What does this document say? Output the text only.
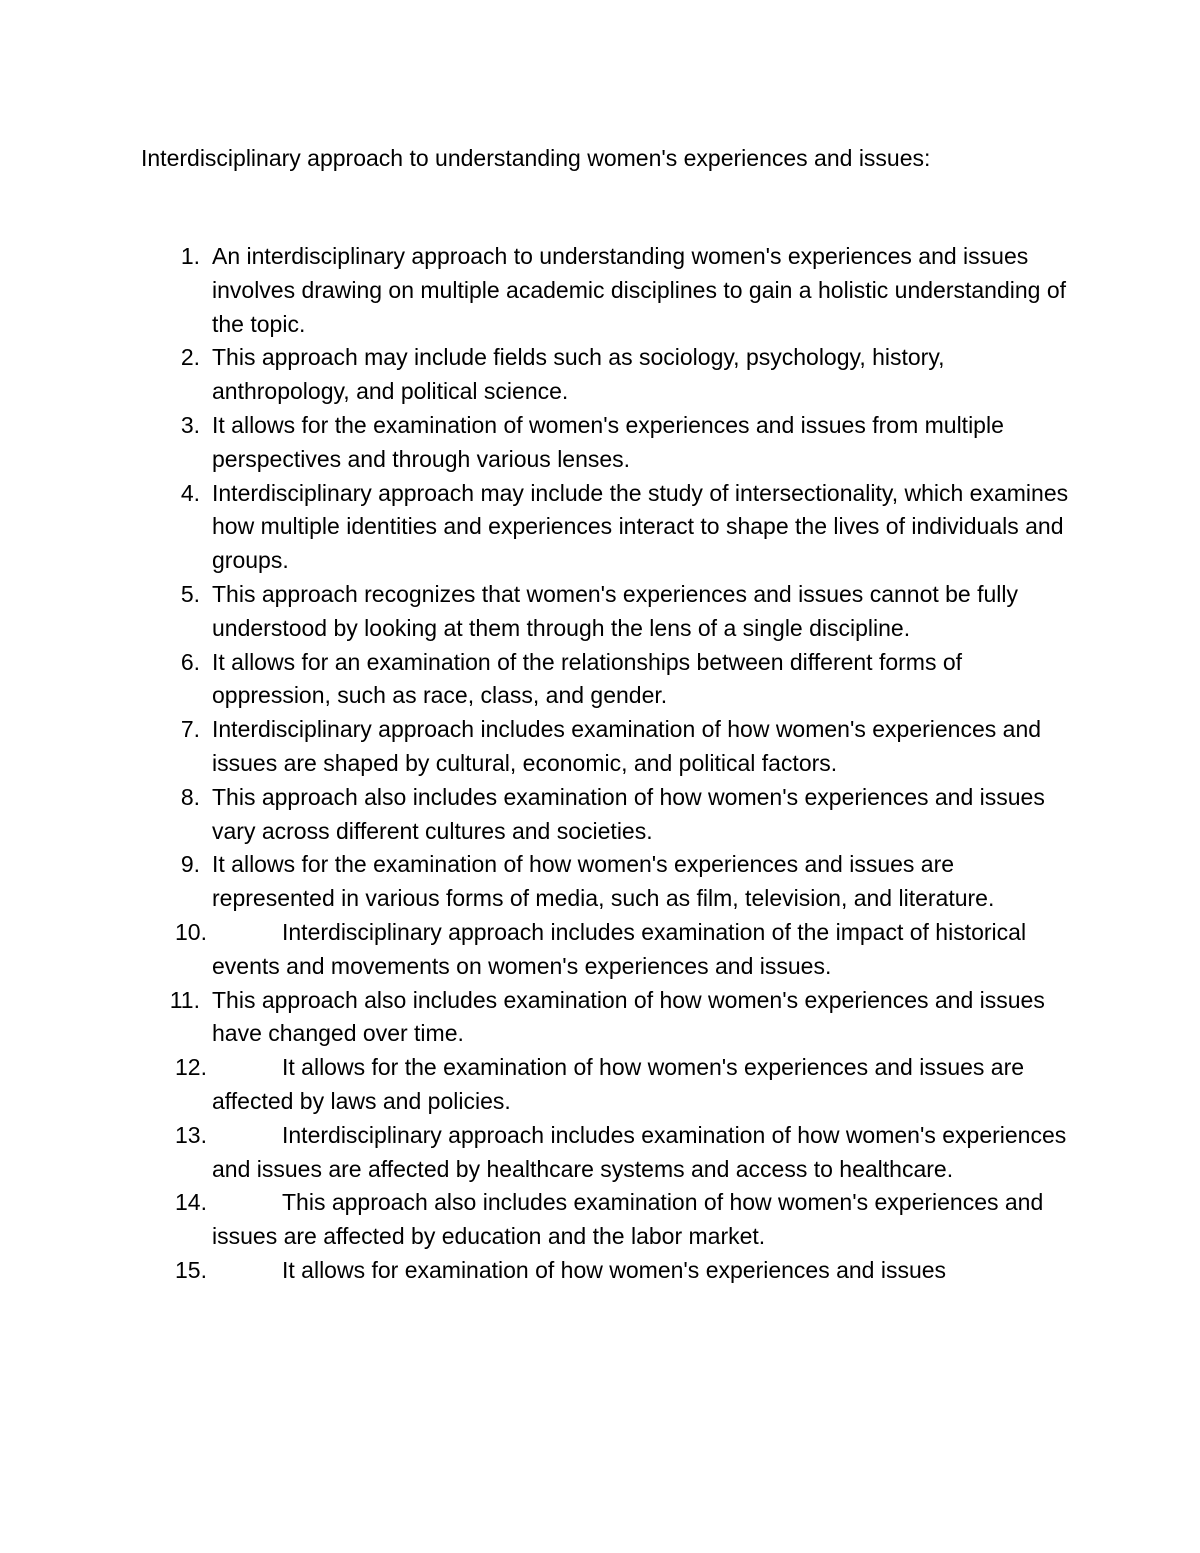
Interdisciplinary approach to understanding women's experiences and issues:
1. An interdisciplinary approach to understanding women's experiences and issues involves drawing on multiple academic disciplines to gain a holistic understanding of the topic.
2. This approach may include fields such as sociology, psychology, history, anthropology, and political science.
3. It allows for the examination of women's experiences and issues from multiple perspectives and through various lenses.
4. Interdisciplinary approach may include the study of intersectionality, which examines how multiple identities and experiences interact to shape the lives of individuals and groups.
5. This approach recognizes that women's experiences and issues cannot be fully understood by looking at them through the lens of a single discipline.
6. It allows for an examination of the relationships between different forms of oppression, such as race, class, and gender.
7. Interdisciplinary approach includes examination of how women's experiences and issues are shaped by cultural, economic, and political factors.
8. This approach also includes examination of how women's experiences and issues vary across different cultures and societies.
9. It allows for the examination of how women's experiences and issues are represented in various forms of media, such as film, television, and literature.
10.	Interdisciplinary approach includes examination of the impact of historical events and movements on women's experiences and issues.
11. This approach also includes examination of how women's experiences and issues have changed over time.
12.	It allows for the examination of how women's experiences and issues are affected by laws and policies.
13.	Interdisciplinary approach includes examination of how women's experiences and issues are affected by healthcare systems and access to healthcare.
14.	This approach also includes examination of how women's experiences and issues are affected by education and the labor market.
15.	It allows for examination of how women's experiences and issues
